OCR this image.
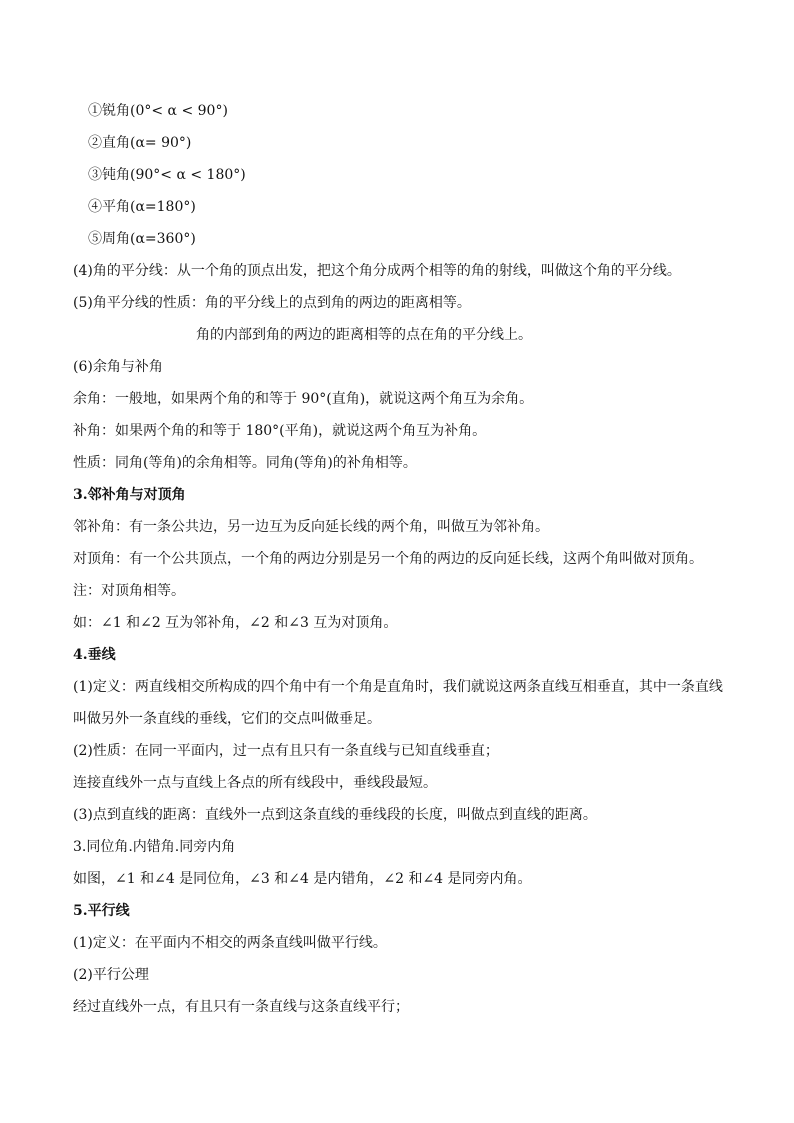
①锐角(0°< α < 90°)
②直角(α= 90°)
③钝角(90°< α < 180°)
④平角(α=180°)
⑤周角(α=360°)
(4)角的平分线：从一个角的顶点出发，把这个角分成两个相等的角的射线，叫做这个角的平分线。
(5)角平分线的性质：角的平分线上的点到角的两边的距离相等。
角的内部到角的两边的距离相等的点在角的平分线上。
(6)余角与补角
余角：一般地，如果两个角的和等于 90°(直角)，就说这两个角互为余角。
补角：如果两个角的和等于 180°(平角)，就说这两个角互为补角。
性质：同角(等角)的余角相等。同角(等角)的补角相等。
3.邻补角与对顶角
邻补角：有一条公共边，另一边互为反向延长线的两个角，叫做互为邻补角。
对顶角：有一个公共顶点，一个角的两边分别是另一个角的两边的反向延长线，这两个角叫做对顶角。
注：对顶角相等。
如：∠1 和∠2 互为邻补角，∠2 和∠3 互为对顶角。
4.垂线
(1)定义：两直线相交所构成的四个角中有一个角是直角时，我们就说这两条直线互相垂直，其中一条直线
叫做另外一条直线的垂线，它们的交点叫做垂足。
(2)性质：在同一平面内，过一点有且只有一条直线与已知直线垂直；
连接直线外一点与直线上各点的所有线段中，垂线段最短。
(3)点到直线的距离：直线外一点到这条直线的垂线段的长度，叫做点到直线的距离。
3.同位角.内错角.同旁内角
如图，∠1 和∠4 是同位角，∠3 和∠4 是内错角，∠2 和∠4 是同旁内角。
5.平行线
(1)定义：在平面内不相交的两条直线叫做平行线。
(2)平行公理
经过直线外一点，有且只有一条直线与这条直线平行；
